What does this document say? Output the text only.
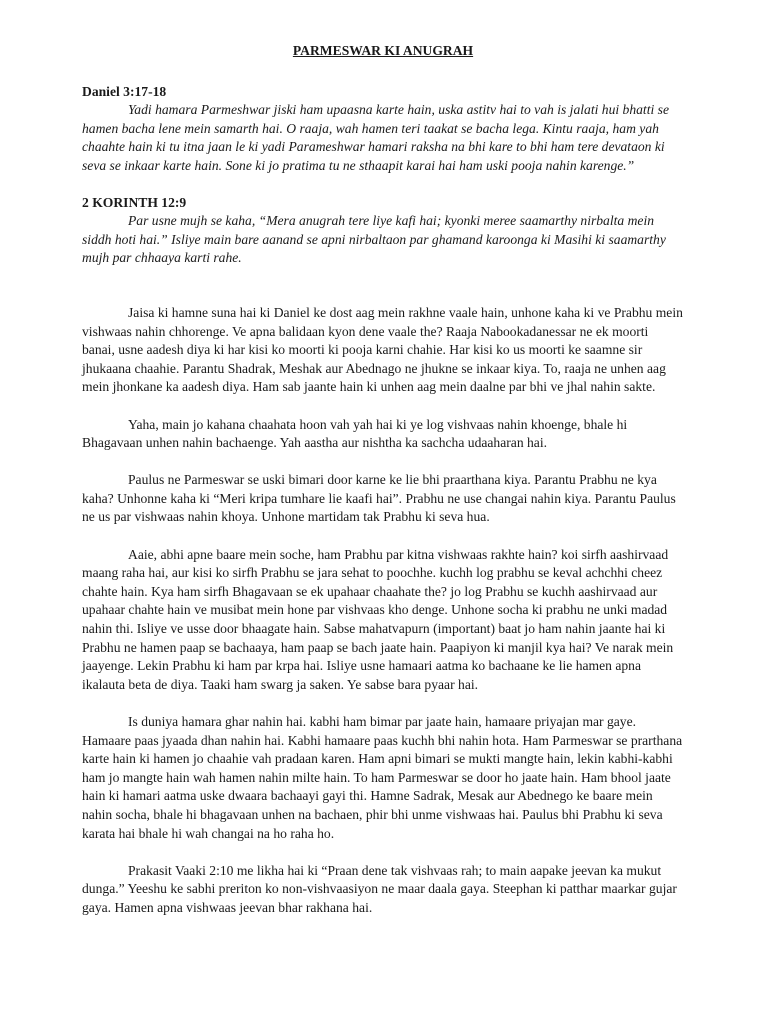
PARMESWAR KI ANUGRAH

Daniel 3:17-18

Yadi hamara Parmeshwar jiski ham upaasna karte hain, uska astitv hai to vah is jalati hui bhatti se hamen bacha lene mein samarth hai. O raaja, wah hamen teri taakat se bacha lega. Kintu raaja, ham yah chaahte hain ki tu itna jaan le ki yadi Parameshwar hamari raksha na bhi kare to bhi ham tere devataon ki seva se inkaar karte hain. Sone ki jo pratima tu ne sthaapit karai hai ham uski pooja nahin karenge.”

2 KORINTH 12:9

Par usne mujh se kaha, “Mera anugrah tere liye kafi hai; kyonki meree saamarthy nirbalta mein siddh hoti hai.” Isliye main bare aanand se apni nirbaltaon par ghamand karoonga ki Masihi ki saamarthy mujh par chhaaya karti rahe.

Jaisa ki hamne suna hai ki Daniel ke dost aag mein rakhne vaale hain, unhone kaha ki ve Prabhu mein vishwaas nahin chhorenge. Ve apna balidaan kyon dene vaale the? Raaja Nabookadanessar ne ek moorti banai, usne aadesh diya ki har kisi ko moorti ki pooja karni chahie. Har kisi ko us moorti ke saamne sir jhukaana chaahie. Parantu Shadrak, Meshak aur Abednago ne jhukne se inkaar kiya. To, raaja ne unhen aag mein jhonkane ka aadesh diya. Ham sab jaante hain ki unhen aag mein daalne par bhi ve jhal nahin sakte.

Yaha, main jo kahana chaahata hoon vah yah hai ki ye log vishvaas nahin khoenge, bhale hi Bhagavaan unhen nahin bachaenge. Yah aastha aur nishtha ka sachcha udaaharan hai.

Paulus ne Parmeswar se uski bimari door karne ke lie bhi praarthana kiya. Parantu Prabhu ne kya kaha? Unhonne kaha ki “Meri kripa tumhare lie kaafi hai”. Prabhu ne use changai nahin kiya. Parantu Paulus ne us par vishwaas nahin khoya. Unhone martidam tak Prabhu ki seva hua.

Aaie, abhi apne baare mein soche, ham Prabhu par kitna vishwaas rakhte hain? koi sirfh aashirvaad maang raha hai, aur kisi ko sirfh Prabhu se jara sehat to poochhe. kuchh log prabhu se keval achchhi cheez chahte hain. Kya ham sirfh Bhagavaan se ek upahaar chaahate the? jo log Prabhu se kuchh aashirvaad aur upahaar chahte hain ve musibat mein hone par vishvaas kho denge. Unhone socha ki prabhu ne unki madad nahin thi. Isliye ve usse door bhaagate hain. Sabse mahatvapurn (important) baat jo ham nahin jaante hai ki Prabhu ne hamen paap se bachaaya, ham paap se bach jaate hain. Paapiyon ki manjil kya hai? Ve narak mein jaayenge. Lekin Prabhu ki ham par krpa hai. Isliye usne hamaari aatma ko bachaane ke lie hamen apna ikalauta beta de diya. Taaki ham swarg ja saken. Ye sabse bara pyaar hai.

Is duniya hamara ghar nahin hai. kabhi ham bimar par jaate hain, hamaare priyajan mar gaye. Hamaare paas jyaada dhan nahin hai. Kabhi hamaare paas kuchh bhi nahin hota. Ham Parmeswar se prarthana karte hain ki hamen jo chaahie vah pradaan karen. Ham apni bimari se mukti mangte hain, lekin kabhi-kabhi ham jo mangte hain wah hamen nahin milte hain. To ham Parmeswar se door ho jaate hain. Ham bhool jaate hain ki hamari aatma uske dwaara bachaayi gayi thi. Hamne Sadrak, Mesak aur Abednego ke baare mein nahin socha, bhale hi bhagavaan unhen na bachaen, phir bhi unme vishwaas hai. Paulus bhi Prabhu ki seva karata hai bhale hi wah changai na ho raha ho.

Prakasit Vaaki 2:10 me likha hai ki “Praan dene tak vishvaas rah; to main aapake jeevan ka mukut dunga.” Yeeshu ke sabhi preriton ko non-vishvaasiyon ne maar daala gaya. Steephan ki patthar maarkar gujar gaya. Hamen apna vishwaas jeevan bhar rakhana hai.
